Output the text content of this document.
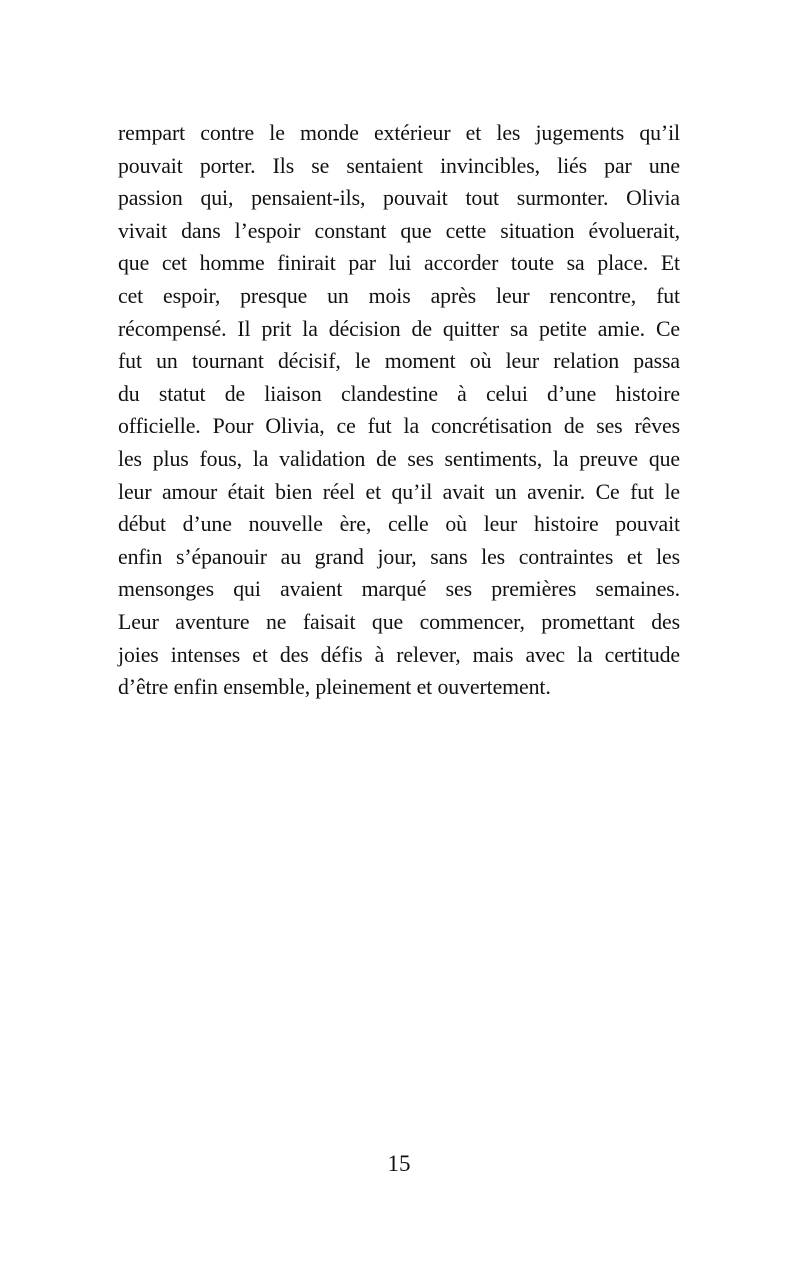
rempart contre le monde extérieur et les jugements qu’il
pouvait porter. Ils se sentaient invincibles, liés par une
passion qui, pensaient-ils, pouvait tout surmonter. Olivia
vivait dans l’espoir constant que cette situation évoluerait,
que cet homme finirait par lui accorder toute sa place. Et
cet espoir, presque un mois après leur rencontre, fut
récompensé. Il prit la décision de quitter sa petite amie. Ce
fut un tournant décisif, le moment où leur relation passa
du statut de liaison clandestine à celui d’une histoire
officielle. Pour Olivia, ce fut la concrétisation de ses rêves
les plus fous, la validation de ses sentiments, la preuve que
leur amour était bien réel et qu’il avait un avenir. Ce fut le
début d’une nouvelle ère, celle où leur histoire pouvait
enfin s’épanouir au grand jour, sans les contraintes et les
mensonges qui avaient marqué ses premières semaines.
Leur aventure ne faisait que commencer, promettant des
joies intenses et des défis à relever, mais avec la certitude
d’être enfin ensemble, pleinement et ouvertement.
15
